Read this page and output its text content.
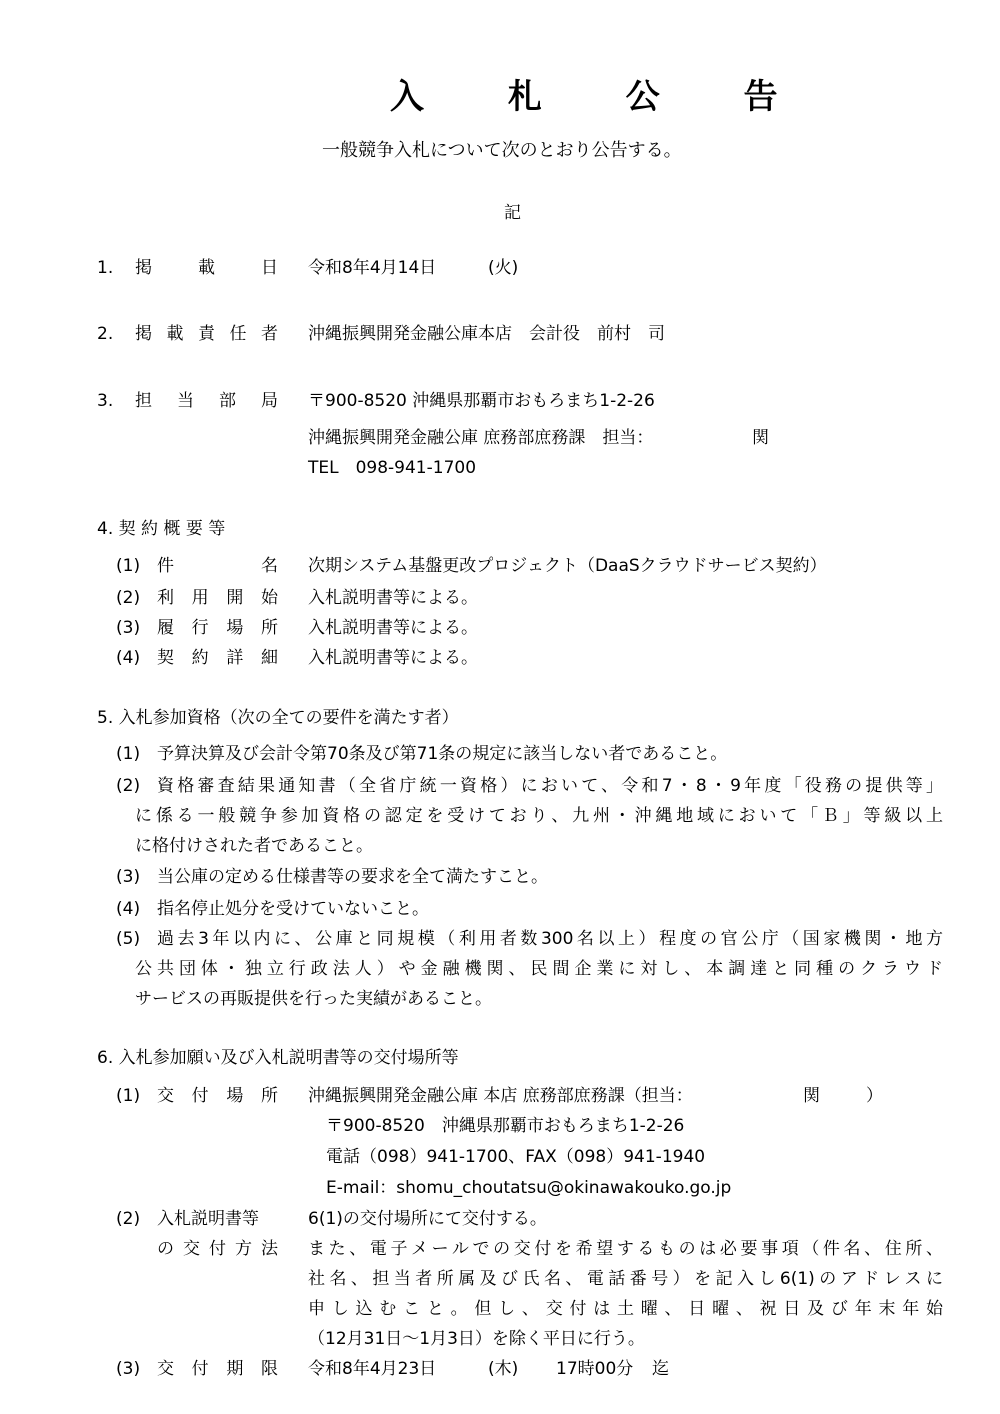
入 札 公 告
一般競争入札について次のとおり公告する。
記
1. 掲	載	日 令和8年4月14日	(火)
2. 掲 載 責 任 者 沖縄振興開発金融公庫本店　会計役　前村　司
3. 担 当 部 局 〒900-8520 沖縄県那覇市おもろまち1-2-26
沖縄振興開発金融公庫 庶務部庶務課　担当：	関
TEL　098-941-1700
4. 契 約 概 要 等
(1) 件	名 次期システム基盤更改プロジェクト（DaaSクラウドサービス契約）
(2) 利 用 開 始 入札説明書等による。
(3) 履 行 場 所 入札説明書等による。
(4) 契 約 詳 細 入札説明書等による。
5. 入札参加資格（次の全ての要件を満たす者）
(1) 予算決算及び会計令第70条及び第71条の規定に該当しない者であること。
(2) 資格審査結果通知書（全省庁統一資格）において、令和7・8・9年度「役務の提供等」
に係る一般競争参加資格の認定を受けており、九州・沖縄地域において「Ｂ」等級以上
に格付けされた者であること。
(3) 当公庫の定める仕様書等の要求を全て満たすこと。
(4) 指名停止処分を受けていないこと。
(5) 過去3年以内に、公庫と同規模（利用者数300名以上）程度の官公庁（国家機関・地方
公共団体・独立行政法人）や金融機関、民間企業に対し、本調達と同種のクラウド
サービスの再販提供を行った実績があること。
6. 入札参加願い及び入札説明書等の交付場所等
(1) 交 付 場 所 沖縄振興開発金融公庫 本店 庶務部庶務課（担当：	関	）
〒900-8520　沖縄県那覇市おもろまち1-2-26
電話（098）941-1700、FAX（098）941-1940
E-mail：shomu_choutatsu@okinawakouko.go.jp
(2) 入札説明書等
の 交 付 方 法
6(1)の交付場所にて交付する。
また、電子メールでの交付を希望するものは必要事項（件名、住所、
社名、担当者所属及び氏名、電話番号）を記入し6(1)のアドレスに
申し込むこと。但し、交付は土曜、日曜、祝日及び年末年始
（12月31日～1月3日）を除く平日に行う。
(3) 交 付 期 限 令和8年4月23日	(木) 17時00分 迄
